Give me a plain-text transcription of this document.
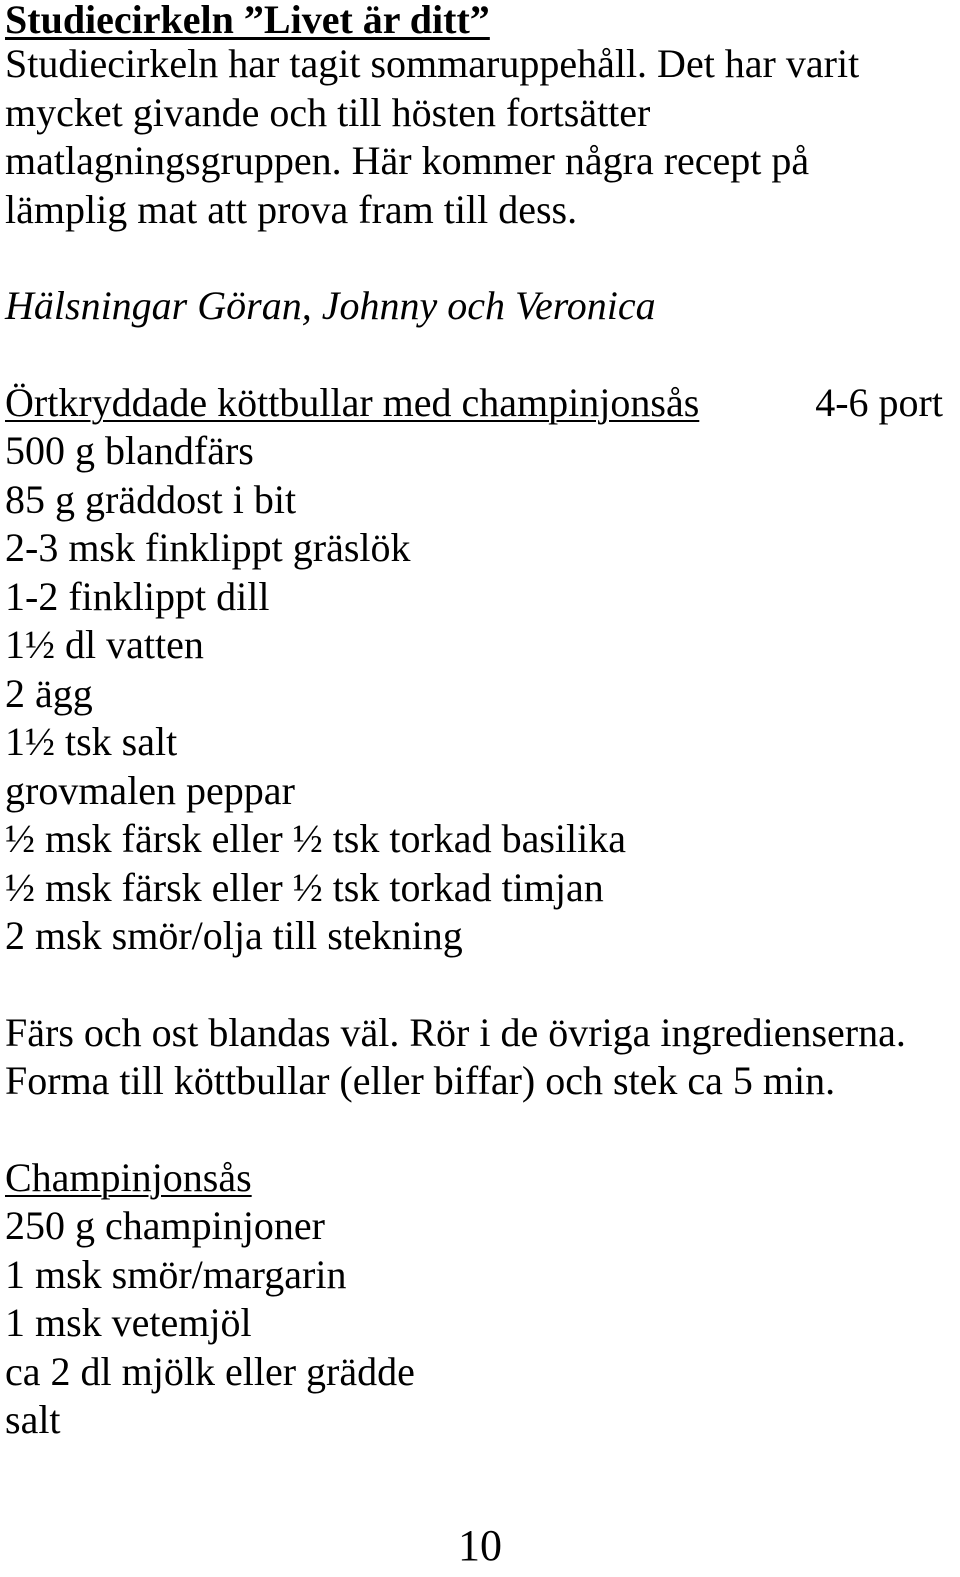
Studiecirkeln ”Livet är ditt”
Studiecirkeln har tagit sommaruppehåll. Det har varit
mycket givande och till hösten fortsätter
matlagningsgruppen. Här kommer några recept på
lämplig mat att prova fram till dess.
Hälsningar Göran, Johnny och Veronica
Örtkryddade köttbullar med champinjonsås	4-6 port
500 g blandfärs
85 g gräddost i bit
2-3 msk finklippt gräslök
1-2 finklippt dill
1½ dl vatten
2 ägg
1½ tsk salt
grovmalen peppar
½ msk färsk eller ½ tsk torkad basilika
½ msk färsk eller ½ tsk torkad timjan
2 msk smör/olja till stekning
Färs och ost blandas väl. Rör i de övriga ingredienserna.
Forma till köttbullar (eller biffar) och stek ca 5 min.
Champinjonsås
250 g champinjoner
1 msk smör/margarin
1 msk vetemjöl
ca 2 dl mjölk eller grädde
salt
10
